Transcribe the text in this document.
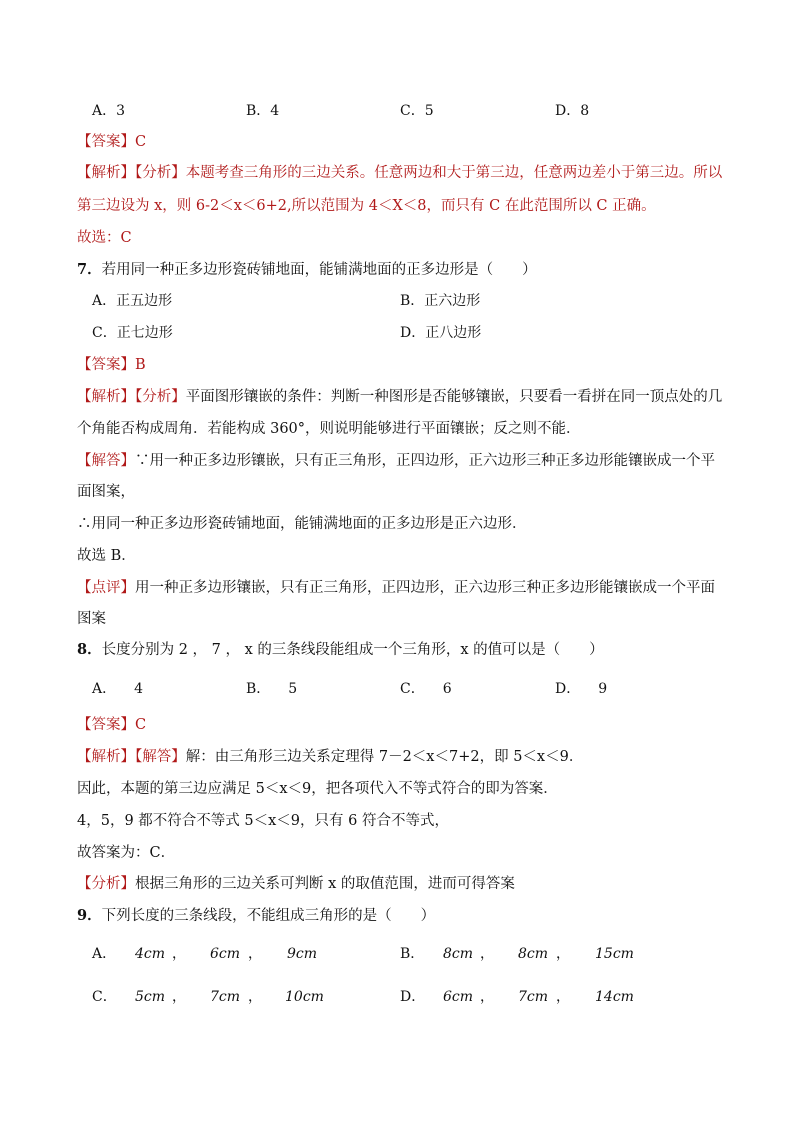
A．3	B．4	C．5	D．8
【答案】C
【解析】【分析】本题考查三角形的三边关系。任意两边和大于第三边，任意两边差小于第三边。所以
第三边设为 x，则 6-2＜x＜6+2,所以范围为 4＜X＜8，而只有 C 在此范围所以 C 正确。
故选：C
7．若用同一种正多边形瓷砖铺地面，能铺满地面的正多边形是（　　）
A．正五边形	B．正六边形
C．正七边形	D．正八边形
【答案】B
【解析】【分析】平面图形镶嵌的条件：判断一种图形是否能够镶嵌，只要看一看拼在同一顶点处的几
个角能否构成周角．若能构成 360°，则说明能够进行平面镶嵌；反之则不能．
【解答】∵用一种正多边形镶嵌，只有正三角形，正四边形，正六边形三种正多边形能镶嵌成一个平
面图案，
∴用同一种正多边形瓷砖铺地面，能铺满地面的正多边形是正六边形．
故选 B．
【点评】用一种正多边形镶嵌，只有正三角形，正四边形，正六边形三种正多边形能镶嵌成一个平面
图案
8．长度分别为 2 ， 7 ， x 的三条线段能组成一个三角形，x 的值可以是（　　）
A． 4	B． 5	C． 6	D． 9
【答案】C
【解析】【解答】解：由三角形三边关系定理得 7－2＜x＜7+2，即 5＜x＜9．
因此，本题的第三边应满足 5＜x＜9，把各项代入不等式符合的即为答案．
4，5，9 都不符合不等式 5＜x＜9，只有 6 符合不等式，
故答案为：C．
【分析】根据三角形的三边关系可判断 x 的取值范围，进而可得答案
9．下列长度的三条线段，不能组成三角形的是（　　）
A． 4cm ， 6cm ， 9cm	B． 8cm ， 8cm ， 15cm
C． 5cm ， 7cm ， 10cm	D． 6cm ， 7cm ， 14cm
